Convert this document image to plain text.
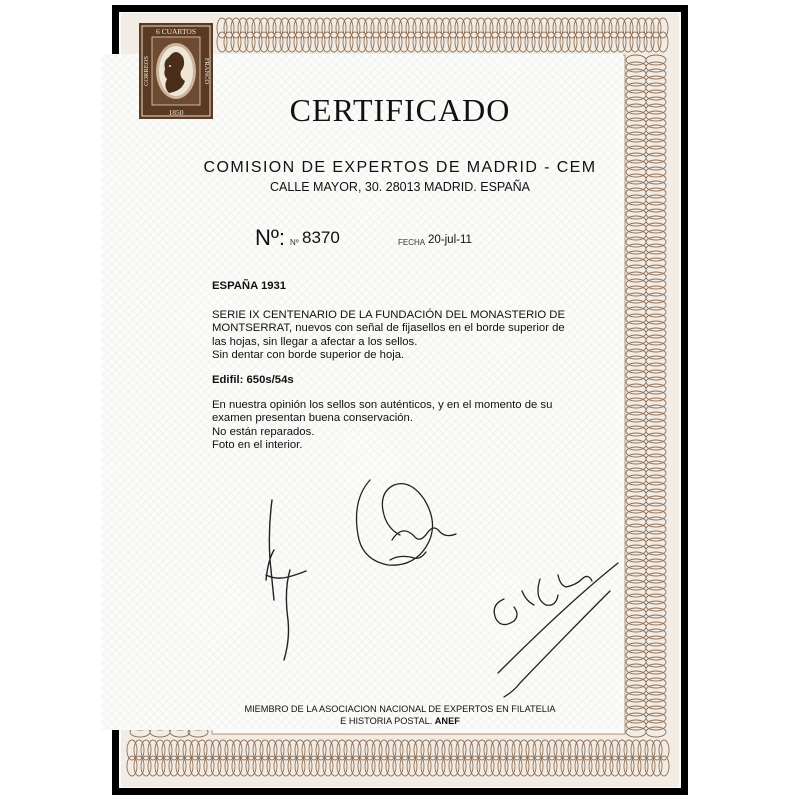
6 CUARTOS
1850
CORREOS	FRANCO
CERTIFICADO
COMISION DE EXPERTOS DE MADRID - CEM
CALLE MAYOR, 30. 28013 MADRID. ESPAÑA
Nº: Nº 8370	FECHA 20-jul-11
ESPAÑA 1931
SERIE IX CENTENARIO DE LA FUNDACIÓN DEL MONASTERIO DE
MONTSERRAT, nuevos con señal de fijasellos en el borde superior de
las hojas, sin llegar a afectar a los sellos.
Sin dentar con borde superior de hoja.
Edifil: 650s/54s
En nuestra opinión los sellos son auténticos, y en el momento de su
examen presentan buena conservación.
No están reparados.
Foto en el interior.
MIEMBRO DE LA ASOCIACION NACIONAL DE EXPERTOS EN FILATELIA
E HISTORIA POSTAL. ANEF
